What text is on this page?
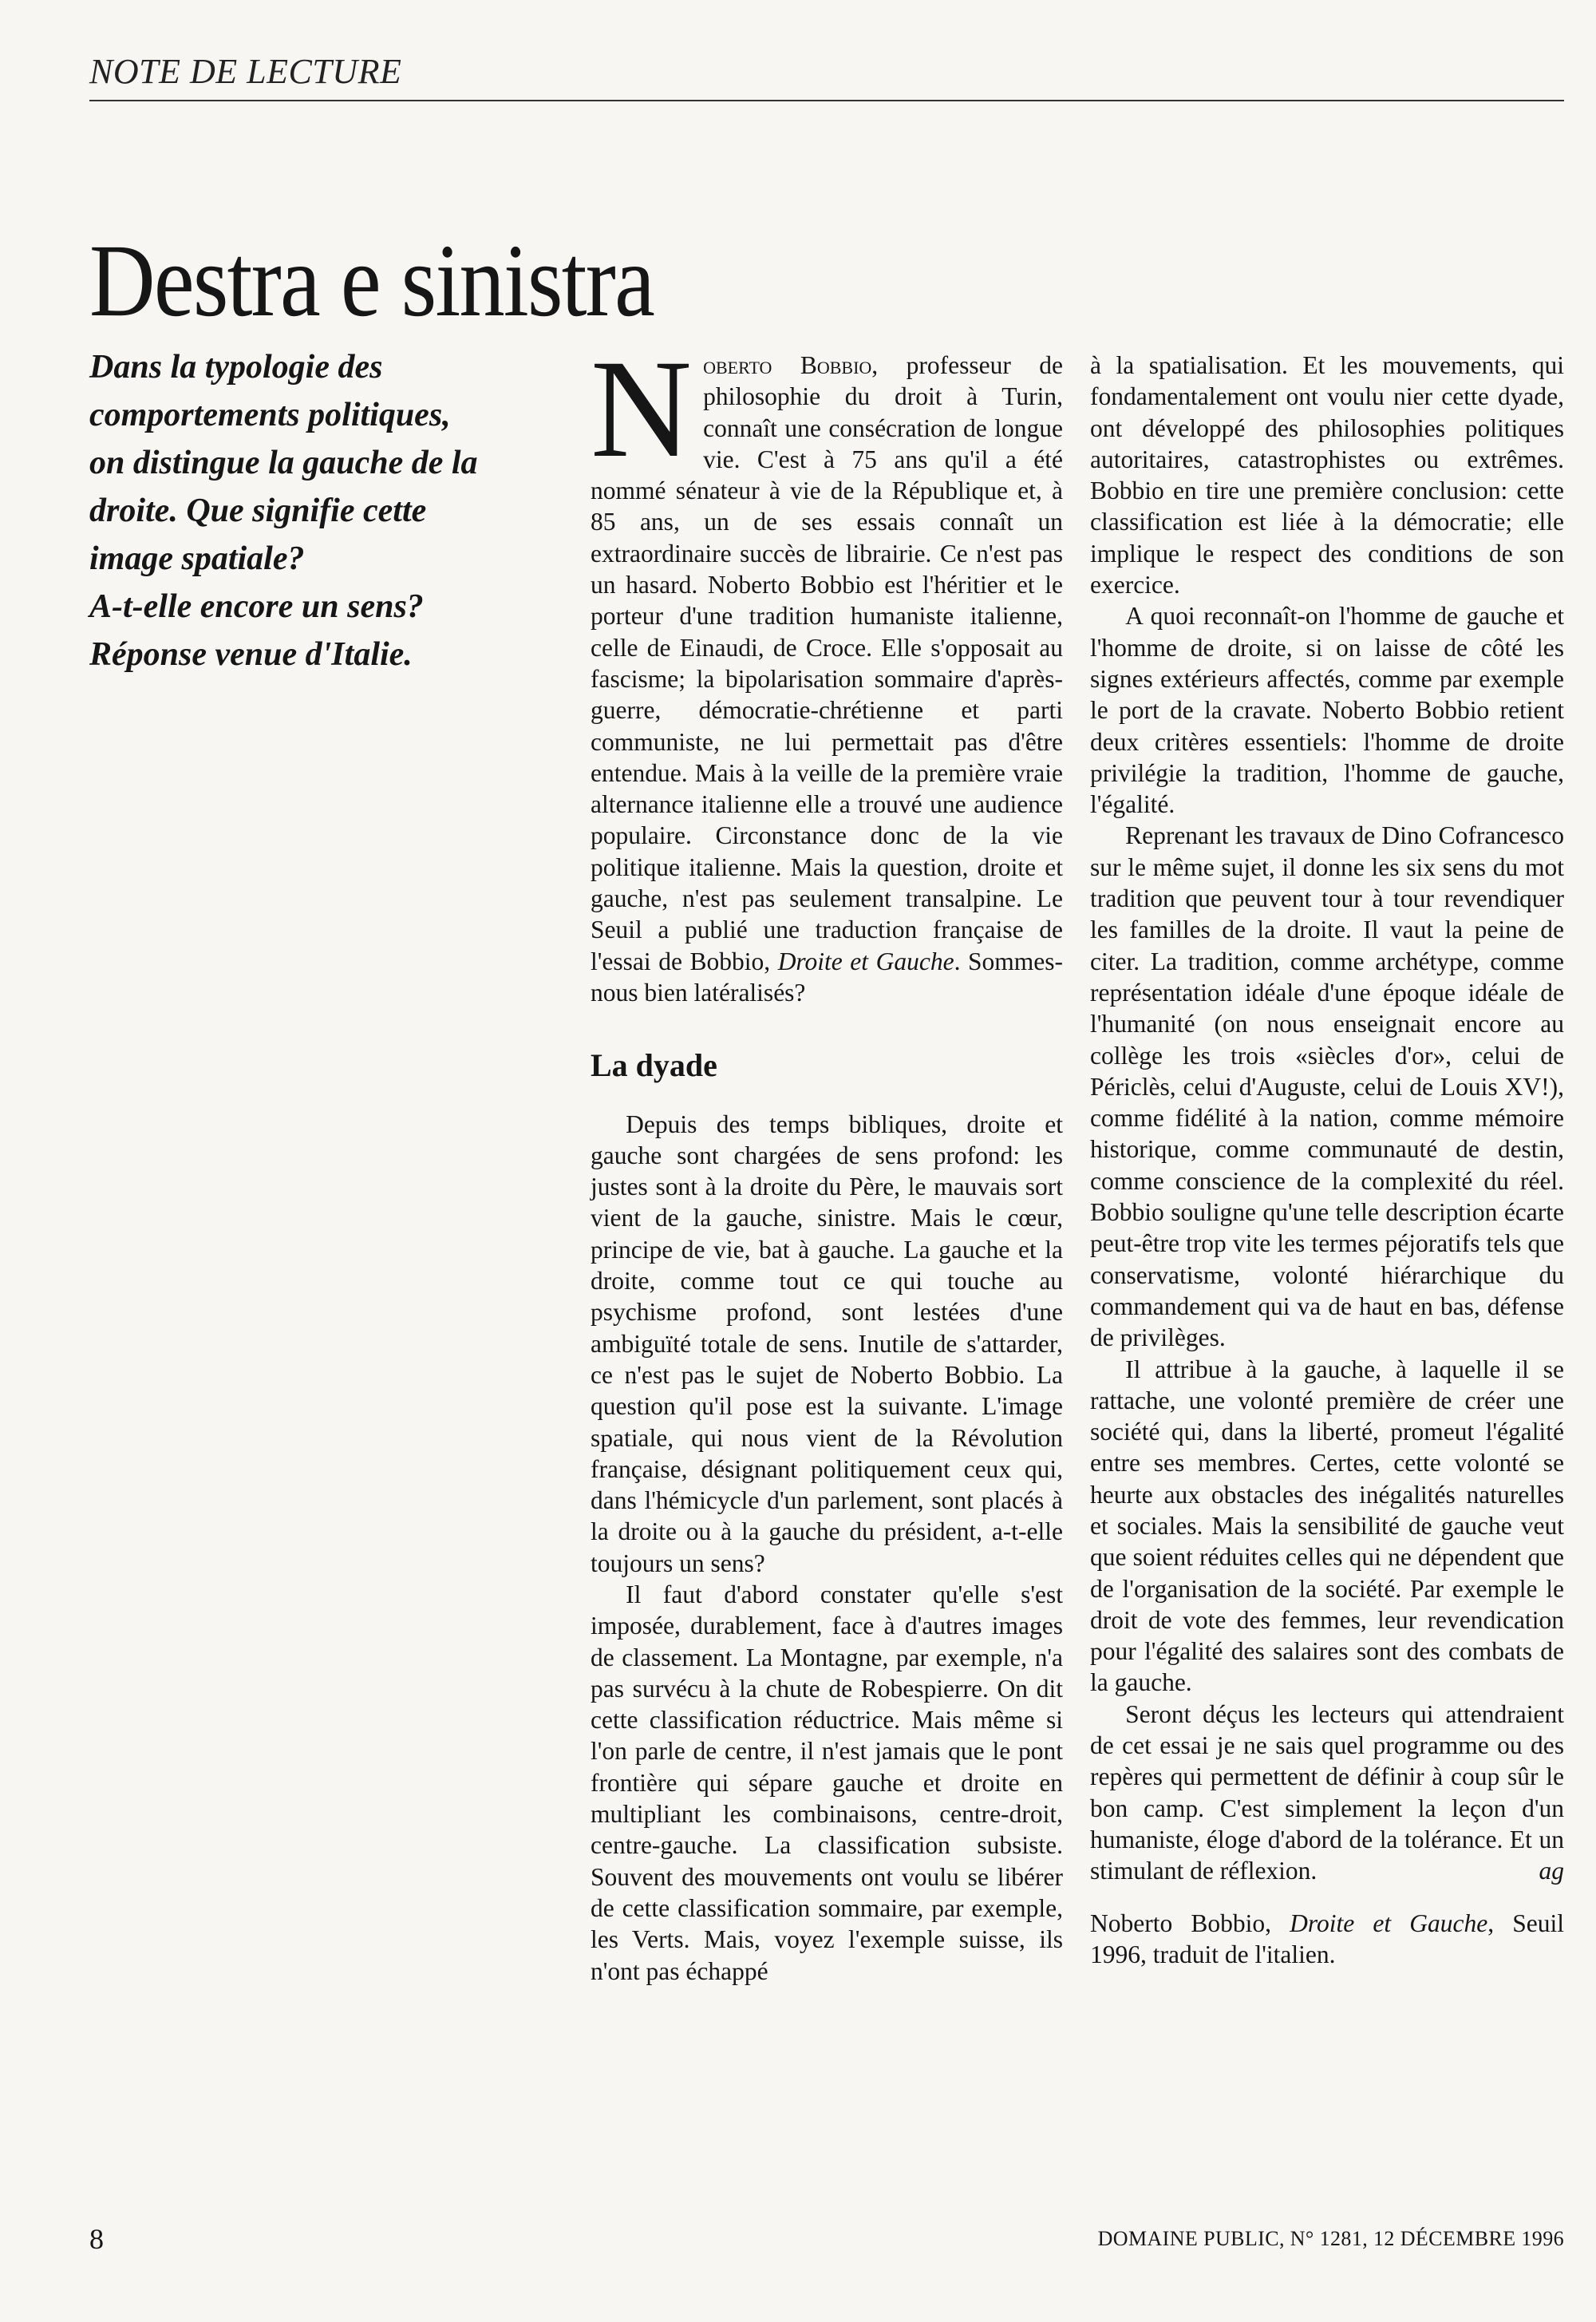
NOTE DE LECTURE
Destra e sinistra
Dans la typologie des
comportements politiques,
on distingue la gauche de la
droite. Que signifie cette
image spatiale?
A-t-elle encore un sens?
Réponse venue d'Italie.

Noberto Bobbio, professeur de philosophie du droit à Turin, connaît une consécration de longue vie. C'est à 75 ans qu'il a été nommé sénateur à vie de la République et, à 85 ans, un de ses essais connaît un extraordinaire succès de librairie. Ce n'est pas un hasard. Noberto Bobbio est l'héritier et le porteur d'une tradition humaniste italienne, celle de Einaudi, de Croce. Elle s'opposait au fascisme; la bipolarisation sommaire d'après-guerre, démocratie-chrétienne et parti communiste, ne lui permettait pas d'être entendue. Mais à la veille de la première vraie alternance italienne elle a trouvé une audience populaire. Circonstance donc de la vie politique italienne. Mais la question, droite et gauche, n'est pas seulement transalpine. Le Seuil a publié une traduction française de l'essai de Bobbio, Droite et Gauche. Sommes-nous bien latéralisés?

La dyade

Depuis des temps bibliques, droite et gauche sont chargées de sens profond: les justes sont à la droite du Père, le mauvais sort vient de la gauche, sinistre. Mais le cœur, principe de vie, bat à gauche. La gauche et la droite, comme tout ce qui touche au psychisme profond, sont lestées d'une ambiguïté totale de sens. Inutile de s'attarder, ce n'est pas le sujet de Noberto Bobbio. La question qu'il pose est la suivante. L'image spatiale, qui nous vient de la Révolution française, désignant politiquement ceux qui, dans l'hémicycle d'un parlement, sont placés à la droite ou à la gauche du président, a-t-elle toujours un sens?

Il faut d'abord constater qu'elle s'est imposée, durablement, face à d'autres images de classement. La Montagne, par exemple, n'a pas survécu à la chute de Robespierre. On dit cette classification réductrice. Mais même si l'on parle de centre, il n'est jamais que le pont frontière qui sépare gauche et droite en multipliant les combinaisons, centre-droit, centre-gauche. La classification subsiste. Souvent des mouvements ont voulu se libérer de cette classification sommaire, par exemple, les Verts. Mais, voyez l'exemple suisse, ils n'ont pas échappé

à la spatialisation. Et les mouvements, qui fondamentalement ont voulu nier cette dyade, ont développé des philosophies politiques autoritaires, catastrophistes ou extrêmes. Bobbio en tire une première conclusion: cette classification est liée à la démocratie; elle implique le respect des conditions de son exercice.

A quoi reconnaît-on l'homme de gauche et l'homme de droite, si on laisse de côté les signes extérieurs affectés, comme par exemple le port de la cravate. Noberto Bobbio retient deux critères essentiels: l'homme de droite privilégie la tradition, l'homme de gauche, l'égalité.

Reprenant les travaux de Dino Cofrancesco sur le même sujet, il donne les six sens du mot tradition que peuvent tour à tour revendiquer les familles de la droite. Il vaut la peine de citer. La tradition, comme archétype, comme représentation idéale d'une époque idéale de l'humanité (on nous enseignait encore au collège les trois «siècles d'or», celui de Périclès, celui d'Auguste, celui de Louis XV!), comme fidélité à la nation, comme mémoire historique, comme communauté de destin, comme conscience de la complexité du réel. Bobbio souligne qu'une telle description écarte peut-être trop vite les termes péjoratifs tels que conservatisme, volonté hiérarchique du commandement qui va de haut en bas, défense de privilèges.

Il attribue à la gauche, à laquelle il se rattache, une volonté première de créer une société qui, dans la liberté, promeut l'égalité entre ses membres. Certes, cette volonté se heurte aux obstacles des inégalités naturelles et sociales. Mais la sensibilité de gauche veut que soient réduites celles qui ne dépendent que de l'organisation de la société. Par exemple le droit de vote des femmes, leur revendication pour l'égalité des salaires sont des combats de la gauche.

Seront déçus les lecteurs qui attendraient de cet essai je ne sais quel programme ou des repères qui permettent de définir à coup sûr le bon camp. C'est simplement la leçon d'un humaniste, éloge d'abord de la tolérance. Et un stimulant de réflexion.	ag

Noberto Bobbio, Droite et Gauche, Seuil 1996, traduit de l'italien.

8	DOMAINE PUBLIC, N° 1281, 12 DÉCEMBRE 1996
